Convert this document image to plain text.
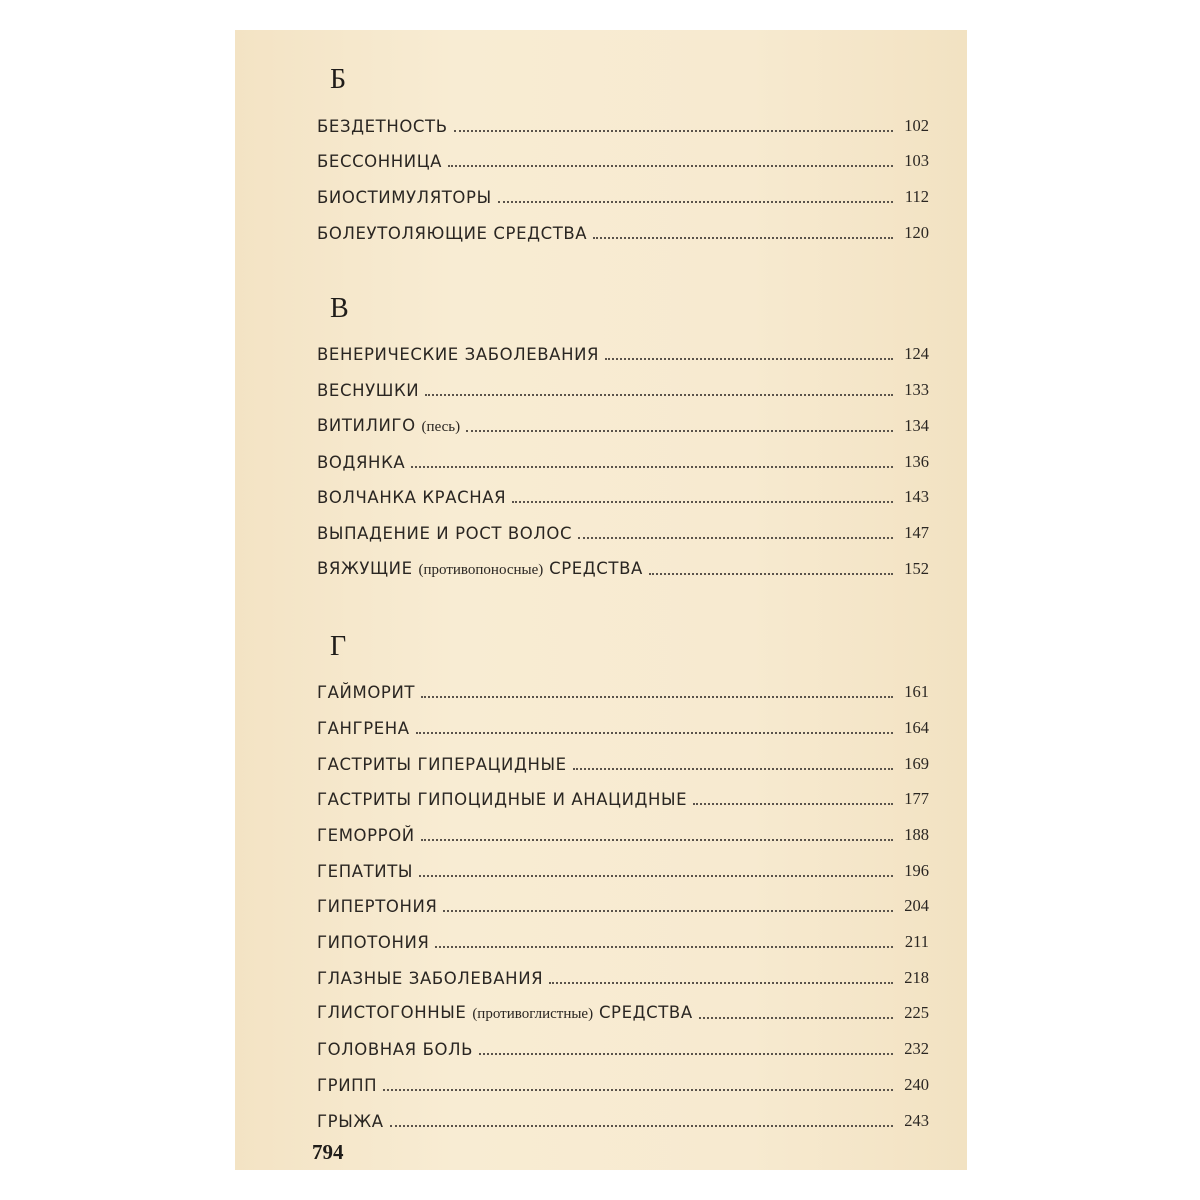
Б
БЕЗДЕТНОСТЬ	102
БЕССОННИЦА	103
БИОСТИМУЛЯТОРЫ	112
БОЛЕУТОЛЯЮЩИЕ СРЕДСТВА	120
В
ВЕНЕРИЧЕСКИЕ ЗАБОЛЕВАНИЯ	124
ВЕСНУШКИ	133
ВИТИЛИГО (песь)	134
ВОДЯНКА	136
ВОЛЧАНКА КРАСНАЯ	143
ВЫПАДЕНИЕ И РОСТ ВОЛОС	147
ВЯЖУЩИЕ (противопоносные) СРЕДСТВА	152
Г
ГАЙМОРИТ	161
ГАНГРЕНА	164
ГАСТРИТЫ ГИПЕРАЦИДНЫЕ	169
ГАСТРИТЫ ГИПОЦИДНЫЕ И АНАЦИДНЫЕ	177
ГЕМОРРОЙ	188
ГЕПАТИТЫ	196
ГИПЕРТОНИЯ	204
ГИПОТОНИЯ	211
ГЛАЗНЫЕ ЗАБОЛЕВАНИЯ	218
ГЛИСТОГОННЫЕ (противоглистные) СРЕДСТВА	225
ГОЛОВНАЯ БОЛЬ	232
ГРИПП	240
ГРЫЖА	243
794
